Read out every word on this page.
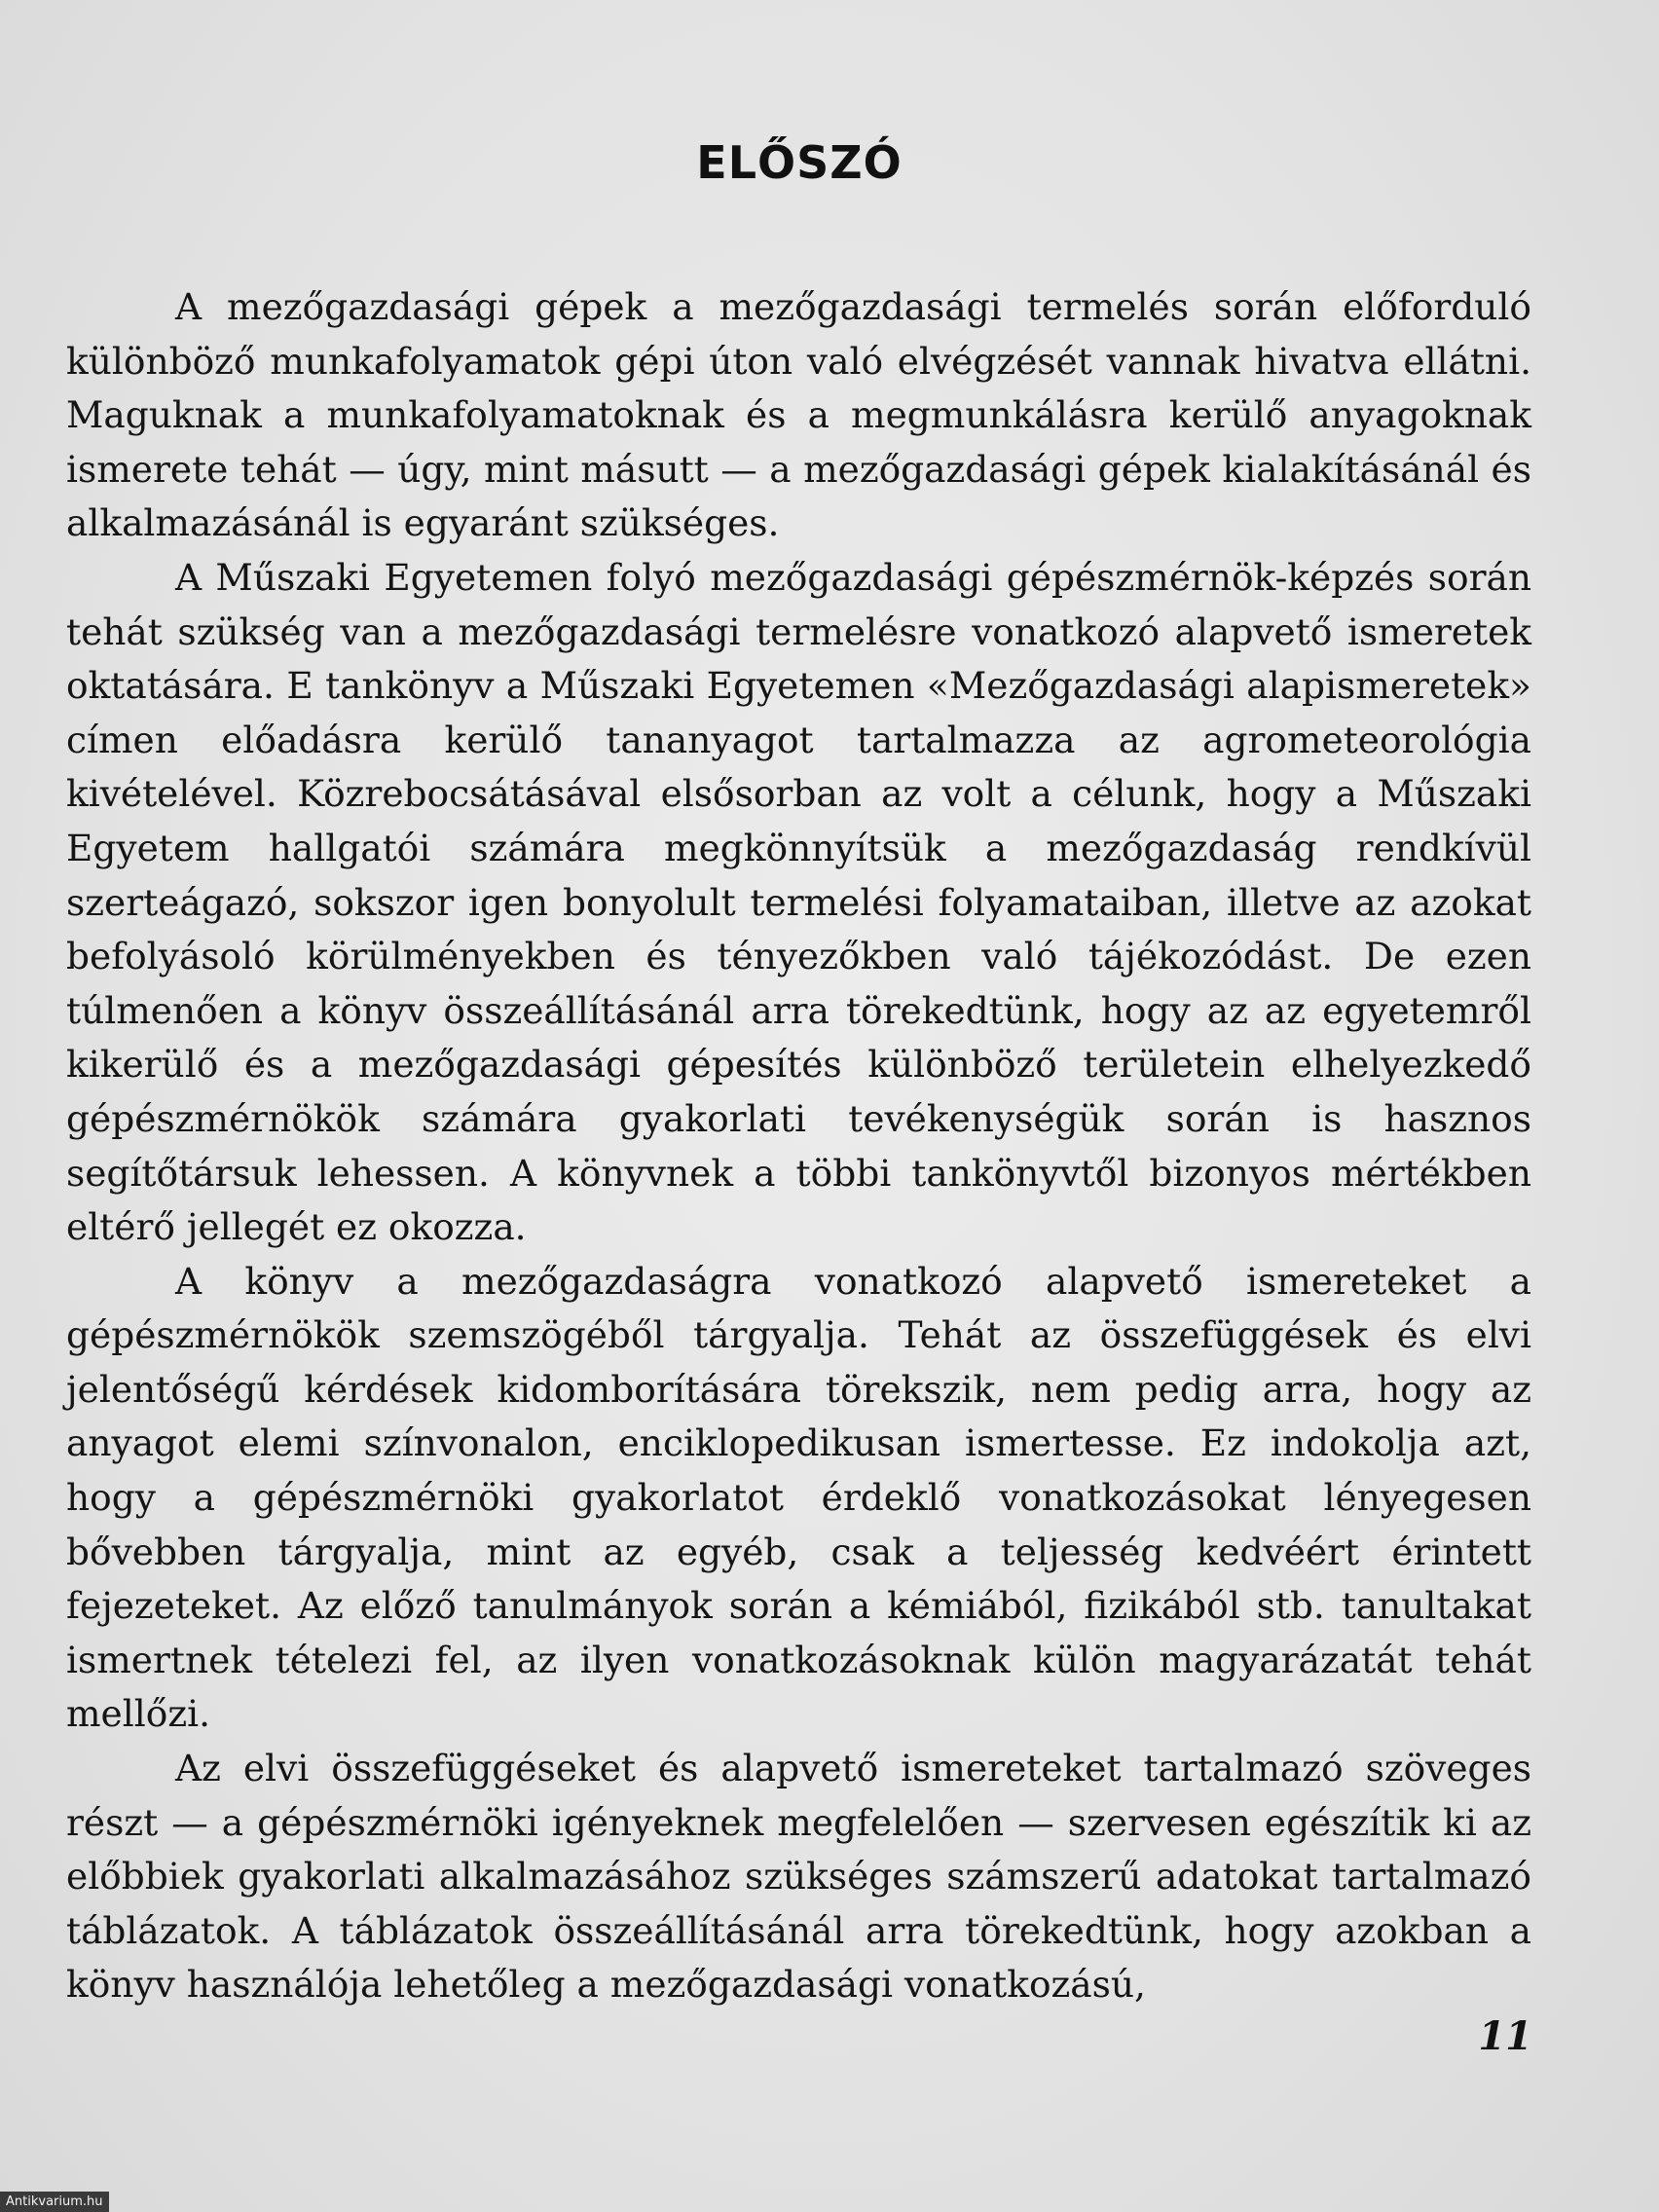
ELŐSZÓ

A mezőgazdasági gépek a mezőgazdasági termelés során előforduló különböző munkafolyamatok gépi úton való elvégzését vannak hivatva ellátni. Maguknak a munkafolyamatoknak és a megmunkálásra kerülő anyagoknak ismerete tehát — úgy, mint másutt — a mezőgazdasági gépek kialakításánál és alkalmazásánál is egyaránt szükséges.

A Műszaki Egyetemen folyó mezőgazdasági gépészmérnök-képzés során tehát szükség van a mezőgazdasági termelésre vonatkozó alapvető ismeretek oktatására. E tankönyv a Műszaki Egyetemen «Mezőgazdasági alapismeretek» címen előadásra kerülő tananyagot tartalmazza az agrometeorológia kivételével. Közrebocsátásával elsősorban az volt a célunk, hogy a Műszaki Egyetem hallgatói számára megkönnyítsük a mezőgazdaság rendkívül szerteágazó, sokszor igen bonyolult termelési folyamataiban, illetve az azokat befolyásoló körülményekben és tényezőkben való tájékozódást. De ezen túlmenően a könyv összeállításánál arra törekedtünk, hogy az az egyetemről kikerülő és a mezőgazdasági gépesítés különböző területein elhelyezkedő gépészmérnökök számára gyakorlati tevékenységük során is hasznos segítőtársuk lehessen. A könyvnek a többi tankönyvtől bizonyos mértékben eltérő jellegét ez okozza.

A könyv a mezőgazdaságra vonatkozó alapvető ismereteket a gépészmérnökök szemszögéből tárgyalja. Tehát az összefüggések és elvi jelentőségű kérdések kidomborítására törekszik, nem pedig arra, hogy az anyagot elemi színvonalon, enciklopedikusan ismertesse. Ez indokolja azt, hogy a gépészmérnöki gyakorlatot érdeklő vonatkozásokat lényegesen bővebben tárgyalja, mint az egyéb, csak a teljesség kedvéért érintett fejezeteket. Az előző tanulmányok során a kémiából, fizikából stb. tanultakat ismertnek tételezi fel, az ilyen vonatkozásoknak külön magyarázatát tehát mellőzi.

Az elvi összefüggéseket és alapvető ismereteket tartalmazó szöveges részt — a gépészmérnöki igényeknek megfelelően — szervesen egészítik ki az előbbiek gyakorlati alkalmazásához szükséges számszerű adatokat tartalmazó táblázatok. A táblázatok összeállításánál arra törekedtünk, hogy azokban a könyv használója lehetőleg a mezőgazdasági vonatkozású,

11
Antikvarium.hu
